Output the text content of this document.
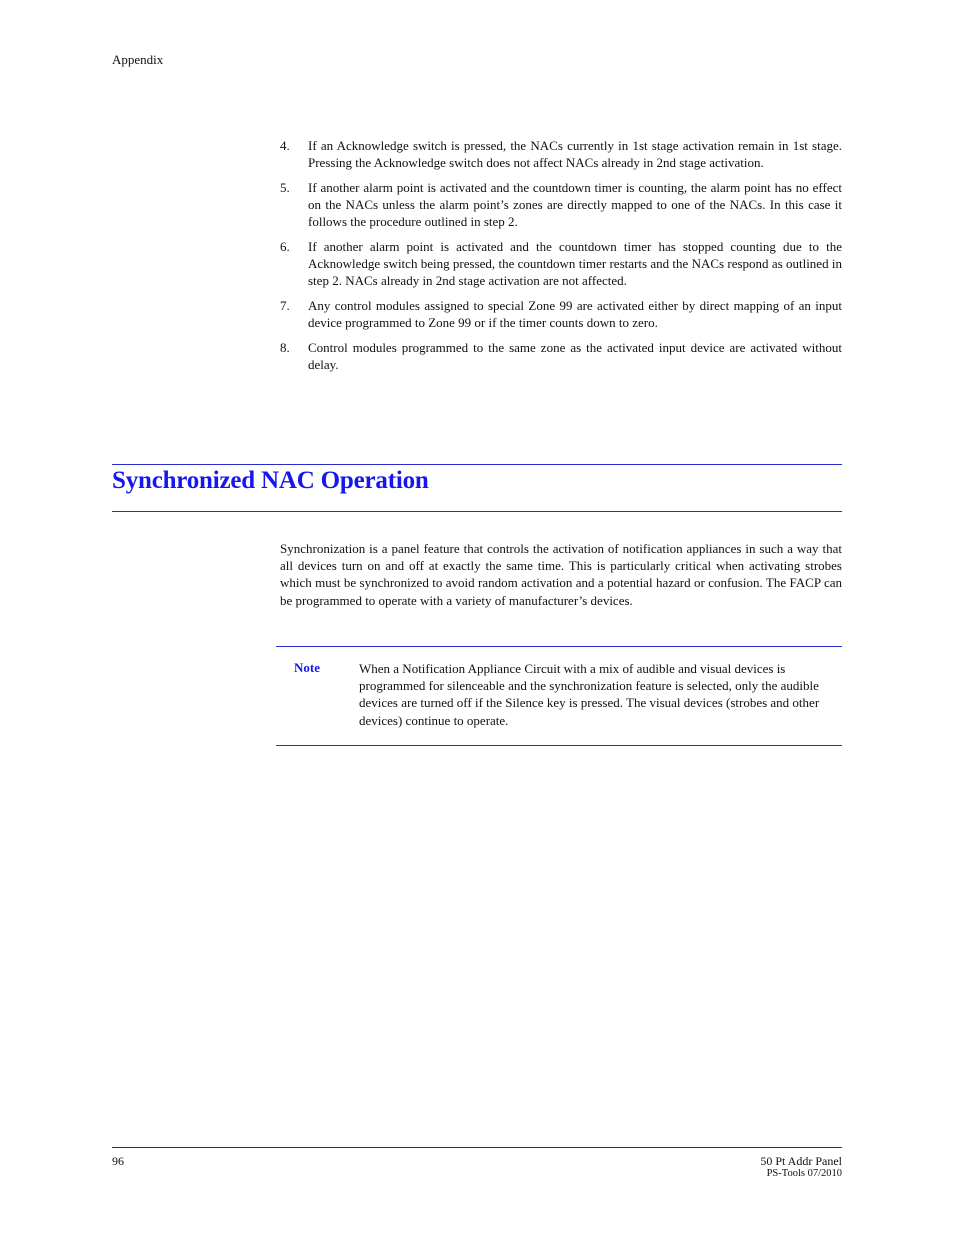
Appendix
4. If an Acknowledge switch is pressed, the NACs currently in 1st stage activation remain in 1st stage. Pressing the Acknowledge switch does not affect NACs already in 2nd stage activation.
5. If another alarm point is activated and the countdown timer is counting, the alarm point has no effect on the NACs unless the alarm point’s zones are directly mapped to one of the NACs. In this case it follows the procedure outlined in step 2.
6. If another alarm point is activated and the countdown timer has stopped counting due to the Acknowledge switch being pressed, the countdown timer restarts and the NACs respond as outlined in step 2. NACs already in 2nd stage activation are not affected.
7. Any control modules assigned to special Zone 99 are activated either by direct mapping of an input device programmed to Zone 99 or if the timer counts down to zero.
8. Control modules programmed to the same zone as the activated input device are activated without delay.
Synchronized NAC Operation

Synchronization is a panel feature that controls the activation of notification appliances in such a way that all devices turn on and off at exactly the same time. This is particularly critical when activating strobes which must be synchronized to avoid random activation and a potential hazard or confusion. The FACP can be programmed to operate with a variety of manufacturer’s devices.

Note	When a Notification Appliance Circuit with a mix of audible and visual devices is programmed for silenceable and the synchronization feature is selected, only the audible devices are turned off if the Silence key is pressed. The visual devices (strobes and other devices) continue to operate.

96	50 Pt Addr Panel
PS-Tools 07/2010
